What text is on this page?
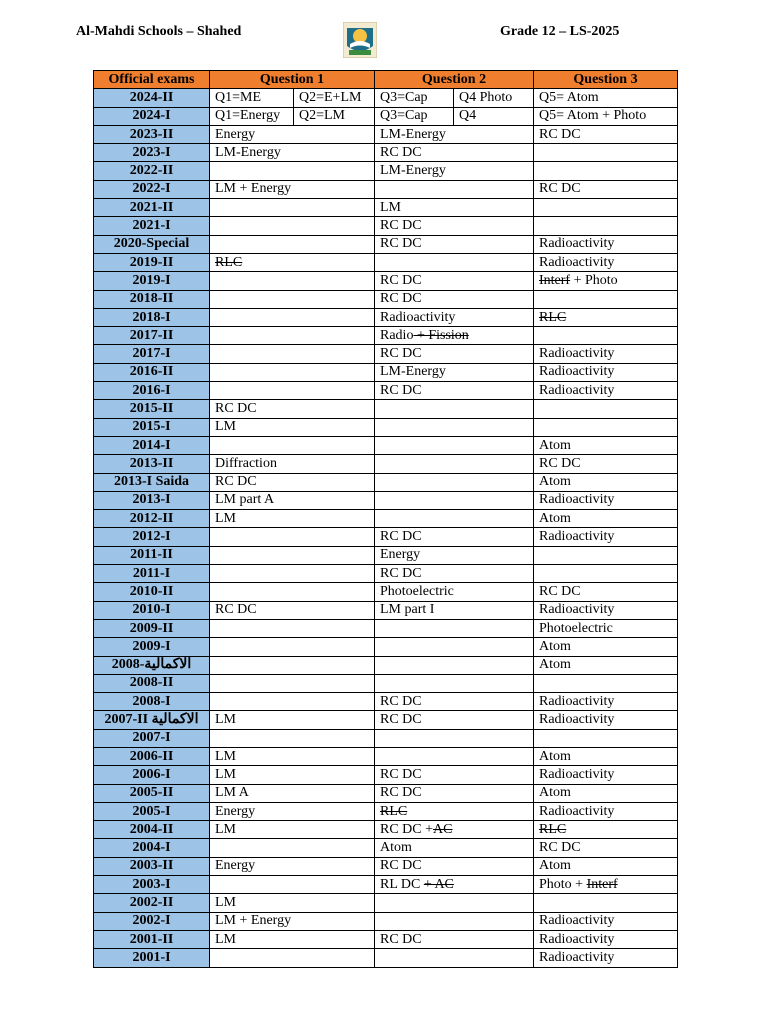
Al-Mahdi Schools – Shahed	Grade 12 – LS-2025
Official exams	Question 1		Question 2		Question 3
2024-II	Q1=ME	Q2=E+LM	Q3=Cap	Q4 Photo	Q5= Atom
2024-I	Q1=Energy	Q2=LM	Q3=Cap	Q4	Q5= Atom + Photo
2023-II	Energy		LM-Energy		RC DC
2023-I	LM-Energy		RC DC		
2022-II			LM-Energy		
2022-I	LM + Energy				RC DC
2021-II			LM		
2021-I			RC DC		
2020-Special			RC DC		Radioactivity
2019-II	RLC				Radioactivity
2019-I			RC DC		Interf + Photo
2018-II			RC DC		
2018-I			Radioactivity		RLC
2017-II			Radio + Fission		
2017-I			RC DC		Radioactivity
2016-II			LM-Energy		Radioactivity
2016-I			RC DC		Radioactivity
2015-II	RC DC				
2015-I	LM				
2014-I					Atom
2013-II	Diffraction				RC DC
2013-I Saida	RC DC				Atom
2013-I	LM part A				Radioactivity
2012-II	LM				Atom
2012-I			RC DC		Radioactivity
2011-II			Energy		
2011-I			RC DC		
2010-II			Photoelectric		RC DC
2010-I	RC DC		LM part I		Radioactivity
2009-II					Photoelectric
2009-I					Atom
2008-الاكمالية					Atom
2008-II					
2008-I			RC DC		Radioactivity
2007-II الاكمالية	LM		RC DC		Radioactivity
2007-I					
2006-II	LM				Atom
2006-I	LM		RC DC		Radioactivity
2005-II	LM A		RC DC		Atom
2005-I	Energy		RLC		Radioactivity
2004-II	LM		RC DC +AC		RLC
2004-I			Atom		RC DC
2003-II	Energy		RC DC		Atom
2003-I			RL DC + AC		Photo + Interf
2002-II	LM				
2002-I	LM + Energy				Radioactivity
2001-II	LM		RC DC		Radioactivity
2001-I					Radioactivity
